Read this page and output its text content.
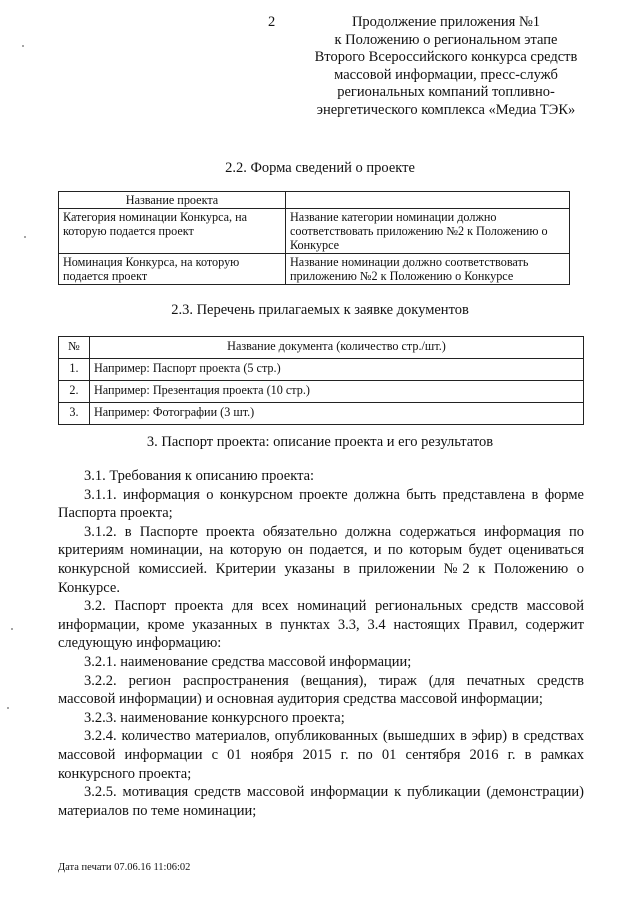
2	Продолжение приложения №1
к Положению о региональном этапе
Второго Всероссийского конкурса средств
массовой информации, пресс-служб
региональных компаний топливно-
энергетического комплекса «Медиа ТЭК»
2.2. Форма сведений о проекте
Название проекта	
Категория номинации Конкурса, на которую подается проект	Название категории номинации должно соответствовать приложению №2 к Положению о Конкурсе
Номинация Конкурса, на которую подается проект	Название номинации должно соответствовать приложению №2 к Положению о Конкурсе
2.3. Перечень прилагаемых к заявке документов
№	Название документа (количество стр./шт.)
1.	Например: Паспорт проекта (5 стр.)
2.	Например: Презентация проекта (10 стр.)
3.	Например: Фотографии (3 шт.)
3. Паспорт проекта: описание проекта и его результатов

3.1. Требования к описанию проекта:

3.1.1. информация о конкурсном проекте должна быть представлена в форме Паспорта проекта;

3.1.2. в Паспорте проекта обязательно должна содержаться информация по критериям номинации, на которую он подается, и по которым будет оцениваться конкурсной комиссией. Критерии указаны в приложении №2 к Положению о Конкурсе.

3.2. Паспорт проекта для всех номинаций региональных средств массовой информации, кроме указанных в пунктах 3.3, 3.4 настоящих Правил, содержит следующую информацию:

3.2.1. наименование средства массовой информации;

3.2.2. регион распространения (вещания), тираж (для печатных средств массовой информации) и основная аудитория средства массовой информации;

3.2.3. наименование конкурсного проекта;

3.2.4. количество материалов, опубликованных (вышедших в эфир) в средствах массовой информации с 01 ноября 2015 г. по 01 сентября 2016 г. в рамках конкурсного проекта;

3.2.5. мотивация средств массовой информации к публикации (демонстрации) материалов по теме номинации;

Дата печати 07.06.16 11:06:02
